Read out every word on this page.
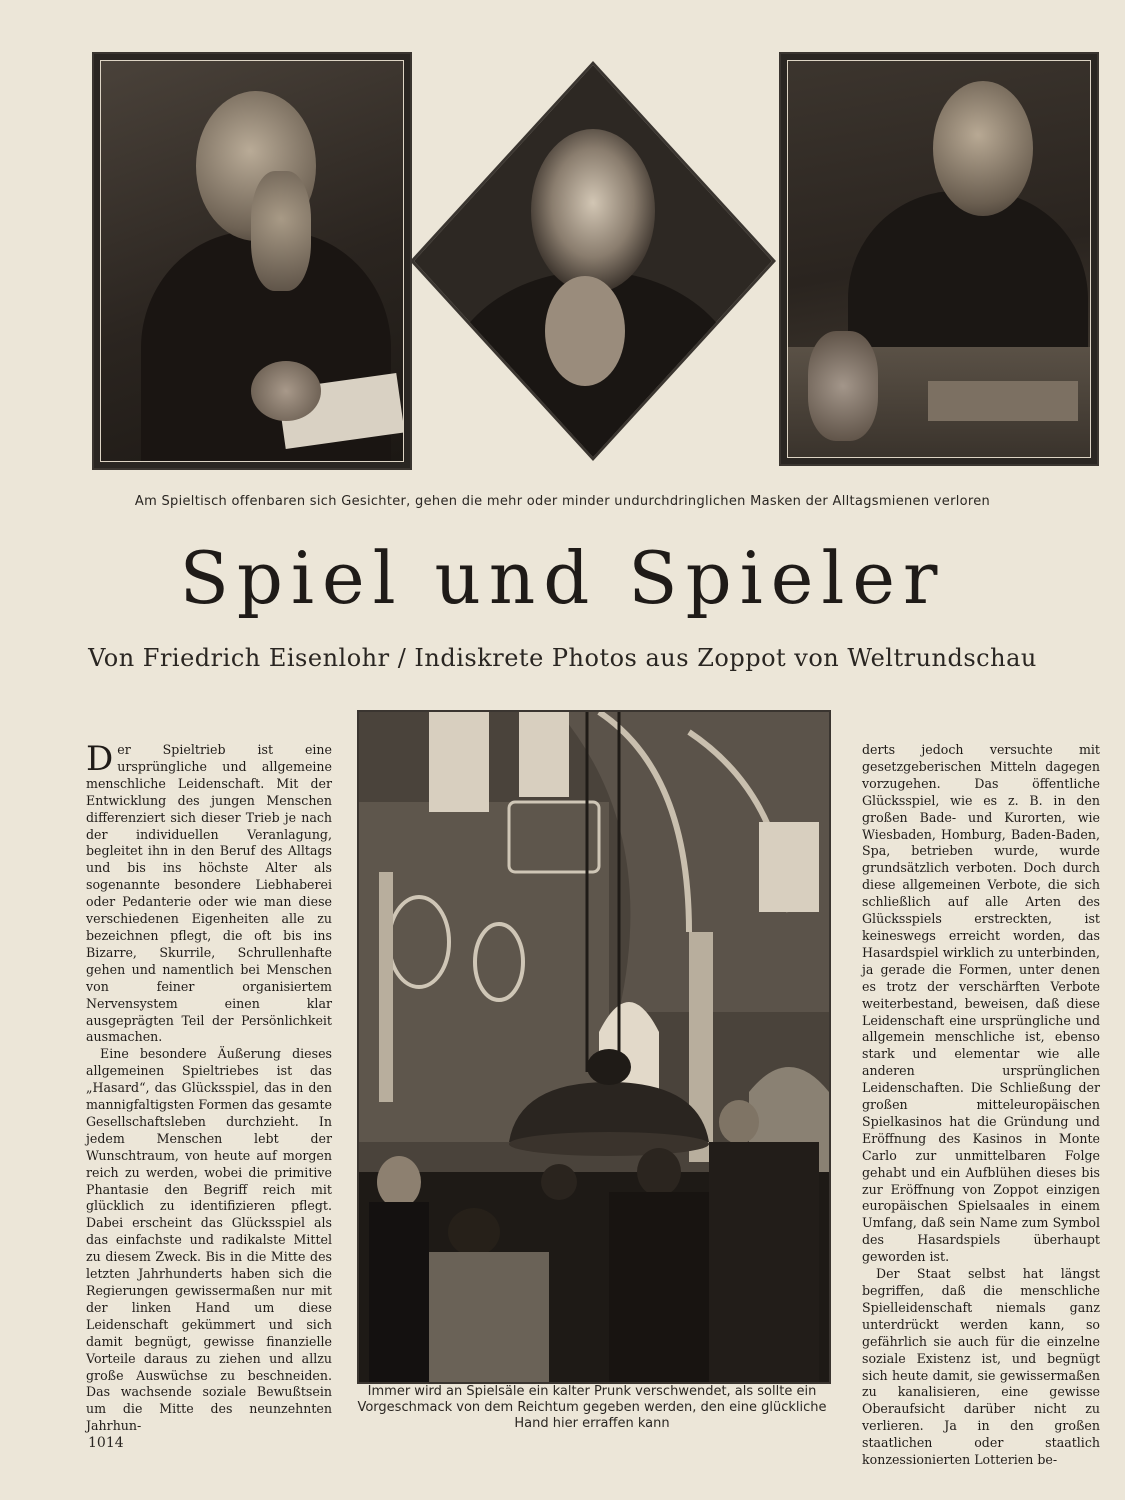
Am Spieltisch offenbaren sich Gesichter, gehen die mehr oder minder undurchdringlichen Masken der Alltagsmienen verloren
Spiel und Spieler
Von Friedrich Eisenlohr / Indiskrete Photos aus Zoppot von Weltrundschau

Der Spieltrieb ist eine ursprüngliche und allgemeine menschliche Leidenschaft. Mit der Entwicklung des jungen Menschen differenziert sich dieser Trieb je nach der individuellen Veranlagung, begleitet ihn in den Beruf des Alltags und bis ins höchste Alter als sogenannte besondere Liebhaberei oder Pedanterie oder wie man diese verschiedenen Eigenheiten alle zu bezeichnen pflegt, die oft bis ins Bizarre, Skurrile, Schrullenhafte gehen und namentlich bei Menschen von feiner organisiertem Nervensystem einen klar ausgeprägten Teil der Persönlichkeit ausmachen.

Eine besondere Äußerung dieses allgemeinen Spieltriebes ist das „Hasard“, das Glücksspiel, das in den mannigfaltigsten Formen das gesamte Gesellschaftsleben durchzieht. In jedem Menschen lebt der Wunschtraum, von heute auf morgen reich zu werden, wobei die primitive Phantasie den Begriff reich mit glücklich zu identifizieren pflegt. Dabei erscheint das Glücksspiel als das einfachste und radikalste Mittel zu diesem Zweck. Bis in die Mitte des letzten Jahrhunderts haben sich die Regierungen gewissermaßen nur mit der linken Hand um diese Leidenschaft gekümmert und sich damit begnügt, gewisse finanzielle Vorteile daraus zu ziehen und allzu große Auswüchse zu beschneiden. Das wachsende soziale Bewußtsein um die Mitte des neunzehnten Jahrhun-

Immer wird an Spielsäle ein kalter Prunk verschwendet, als sollte ein Vorgeschmack von dem Reichtum gegeben werden, den eine glückliche Hand hier erraffen kann

derts jedoch versuchte mit gesetzgeberischen Mitteln dagegen vorzugehen. Das öffentliche Glücksspiel, wie es z. B. in den großen Bade- und Kurorten, wie Wiesbaden, Homburg, Baden-Baden, Spa, betrieben wurde, wurde grundsätzlich verboten. Doch durch diese allgemeinen Verbote, die sich schließlich auf alle Arten des Glücksspiels erstreckten, ist keineswegs erreicht worden, das Hasardspiel wirklich zu unterbinden, ja gerade die Formen, unter denen es trotz der verschärften Verbote weiterbestand, beweisen, daß diese Leidenschaft eine ursprüngliche und allgemein menschliche ist, ebenso stark und elementar wie alle anderen ursprünglichen Leidenschaften. Die Schließung der großen mitteleuropäischen Spielkasinos hat die Gründung und Eröffnung des Kasinos in Monte Carlo zur unmittelbaren Folge gehabt und ein Aufblühen dieses bis zur Eröffnung von Zoppot einzigen europäischen Spielsaales in einem Umfang, daß sein Name zum Symbol des Hasardspiels überhaupt geworden ist.

Der Staat selbst hat längst begriffen, daß die menschliche Spielleidenschaft niemals ganz unterdrückt werden kann, so gefährlich sie auch für die einzelne soziale Existenz ist, und begnügt sich heute damit, sie gewissermaßen zu kanalisieren, eine gewisse Oberaufsicht darüber nicht zu verlieren. Ja in den großen staatlichen oder staatlich konzessionierten Lotterien be-

1014
